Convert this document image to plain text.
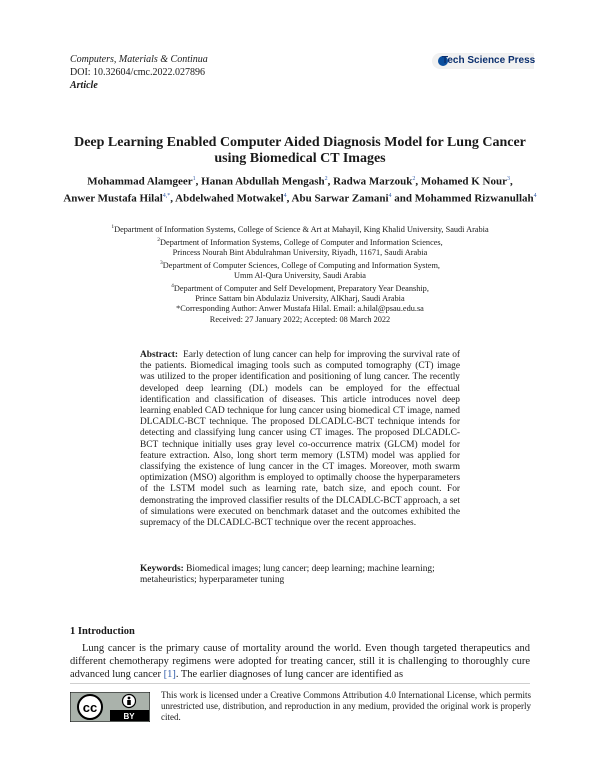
Computers, Materials & Continua
DOI: 10.32604/cmc.2022.027896
Article
Tech Science Press
Deep Learning Enabled Computer Aided Diagnosis Model for Lung Cancer
using Biomedical CT Images
Mohammad Alamgeer$^1$, Hanan Abdullah Mengash$^2$, Radwa Marzouk$^2$, Mohamed K Nour$^3$,
Anwer Mustafa Hilal$^{4,*}$, Abdelwahed Motwakel$^4$, Abu Sarwar Zamani$^4$ and Mohammed Rizwanullah$^4$
$^1$Department of Information Systems, College of Science & Art at Mahayil, King Khalid University, Saudi Arabia
$^2$Department of Information Systems, College of Computer and Information Sciences,
Princess Nourah Bint Abdulrahman University, Riyadh, 11671, Saudi Arabia
$^3$Department of Computer Sciences, College of Computing and Information System,
Umm Al-Qura University, Saudi Arabia
$^4$Department of Computer and Self Development, Preparatory Year Deanship,
Prince Sattam bin Abdulaziz University, AlKharj, Saudi Arabia
*Corresponding Author: Anwer Mustafa Hilal. Email: a.hilal@psau.edu.sa
Received: 27 January 2022; Accepted: 08 March 2022
Abstract: Early detection of lung cancer can help for improving the survival rate of the patients. Biomedical imaging tools such as computed tomography (CT) image was utilized to the proper identification and positioning of lung cancer. The recently developed deep learning (DL) models can be employed for the effectual identification and classification of diseases. This article introduces novel deep learning enabled CAD technique for lung cancer using biomedical CT image, named DLCADLC-BCT technique. The proposed DLCADLC-BCT technique intends for detecting and classifying lung cancer using CT images. The proposed DLCADLC-BCT technique initially uses gray level co-occurrence matrix (GLCM) model for feature extraction. Also, long short term memory (LSTM) model was applied for classifying the existence of lung cancer in the CT images. Moreover, moth swarm optimization (MSO) algorithm is employed to optimally choose the hyperparameters of the LSTM model such as learning rate, batch size, and epoch count. For demonstrating the improved classifier results of the DLCADLC-BCT approach, a set of simulations were executed on benchmark dataset and the outcomes exhibited the supremacy of the DLCADLC-BCT technique over the recent approaches.
Keywords: Biomedical images; lung cancer; deep learning; machine learning; metaheuristics; hyperparameter tuning
1 Introduction
Lung cancer is the primary cause of mortality around the world. Even though targeted therapeutics and different chemotherapy regimens were adopted for treating cancer, still it is challenging to thoroughly cure advanced lung cancer [1]. The earlier diagnoses of lung cancer are identified as
cc
BY
This work is licensed under a Creative Commons Attribution 4.0 International License, which permits unrestricted use, distribution, and reproduction in any medium, provided the original work is properly cited.
